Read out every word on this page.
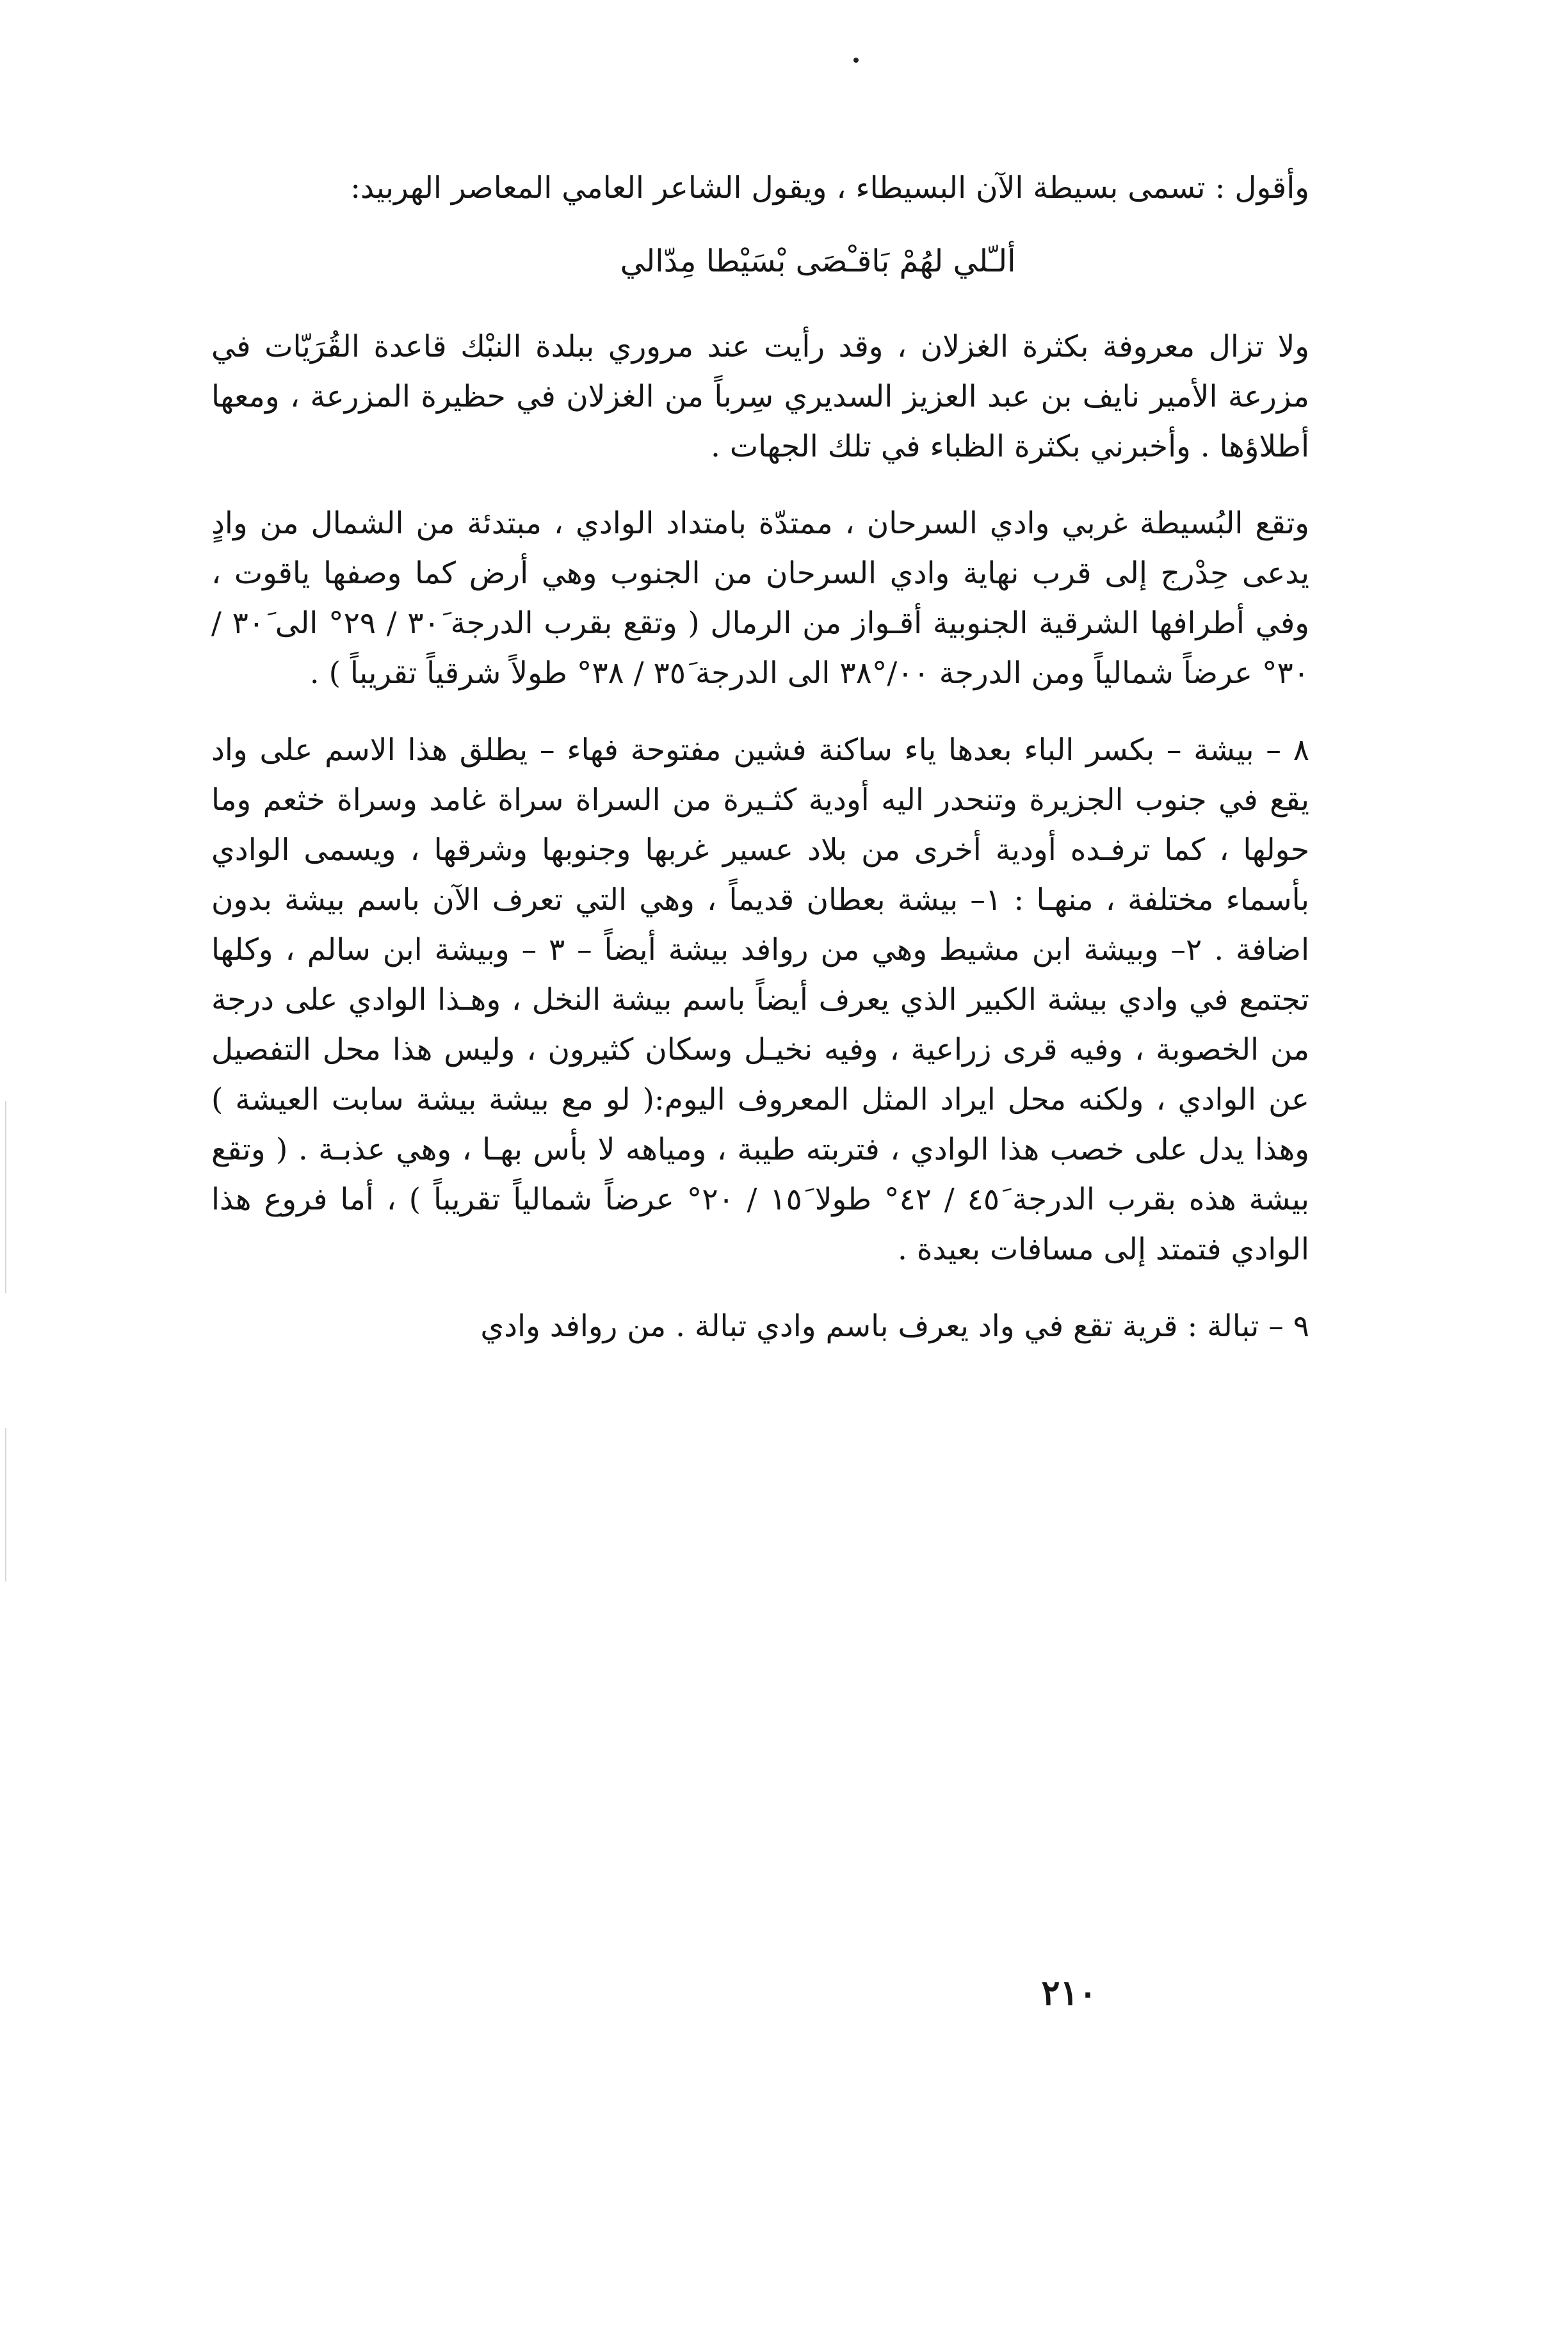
وأقول : تسمى بسيطة الآن البسيطاء ، ويقول الشاعر العامي المعاصر الهربيد:

ألـّلي لهُمْ بَاقـْصَى بْسَيْطا مِدّالي

ولا تزال معروفة بكثرة الغزلان ، وقد رأيت عند مروري ببلدة النبْك قاعدة القُرَيّات في مزرعة الأمير نايف بن عبد العزيز السديري سِرباً من الغزلان في حظيرة المزرعة ، ومعها أطلاؤها . وأخبرني بكثرة الظباء في تلك الجهات .

وتقع البُسيطة غربي وادي السرحان ، ممتدّة بامتداد الوادي ، مبتدئة من الشمال من وادٍ يدعى حِدْرج إلى قرب نهاية وادي السرحان من الجنوب وهي أرض كما وصفها ياقوت ، وفي أطرافها الشرقية الجنوبية أقـواز من الرمال ( وتقع بقرب الدرجة ٣٠َ / ٢٩° الى ٣٠َ / ٣٠° عرضاً شمالياً ومن الدرجة ٠٠/°٣٨ الى الدرجة ٣٥َ / ٣٨° طولاً شرقياً تقريباً ) .

٨ – بيشة – بكسر الباء بعدها ياء ساكنة فشين مفتوحة فهاء – يطلق هذا الاسم على واد يقع في جنوب الجزيرة وتنحدر اليه أودية كثـيرة من السراة سراة غامد وسراة خثعم وما حولها ، كما ترفـده أودية أخرى من بلاد عسير غربها وجنوبها وشرقها ، ويسمى الوادي بأسماء مختلفة ، منهـا : ١– بيشة بعطان قديماً ، وهي التي تعرف الآن باسم بيشة بدون اضافة . ٢– وبيشة ابن مشيط وهي من روافد بيشة أيضاً – ٣ – وبيشة ابن سالم ، وكلها تجتمع في وادي بيشة الكبير الذي يعرف أيضاً باسم بيشة النخل ، وهـذا الوادي على درجة من الخصوبة ، وفيه قرى زراعية ، وفيه نخيـل وسكان كثيرون ، وليس هذا محل التفصيل عن الوادي ، ولكنه محل ايراد المثل المعروف اليوم:( لو مع بيشة بيشة سابت العيشة ) وهذا يدل على خصب هذا الوادي ، فتربته طيبة ، ومياهه لا بأس بهـا ، وهي عذبـة . ( وتقع بيشة هذه بقرب الدرجة ٤٥َ / ٤٢° طولا ١٥َ / ٢٠° عرضاً شمالياً تقريباً ) ، أما فروع هذا الوادي فتمتد إلى مسافات بعيدة .

٩ – تبالة : قرية تقع في واد يعرف باسم وادي تبالة . من روافد وادي

٢١٠
